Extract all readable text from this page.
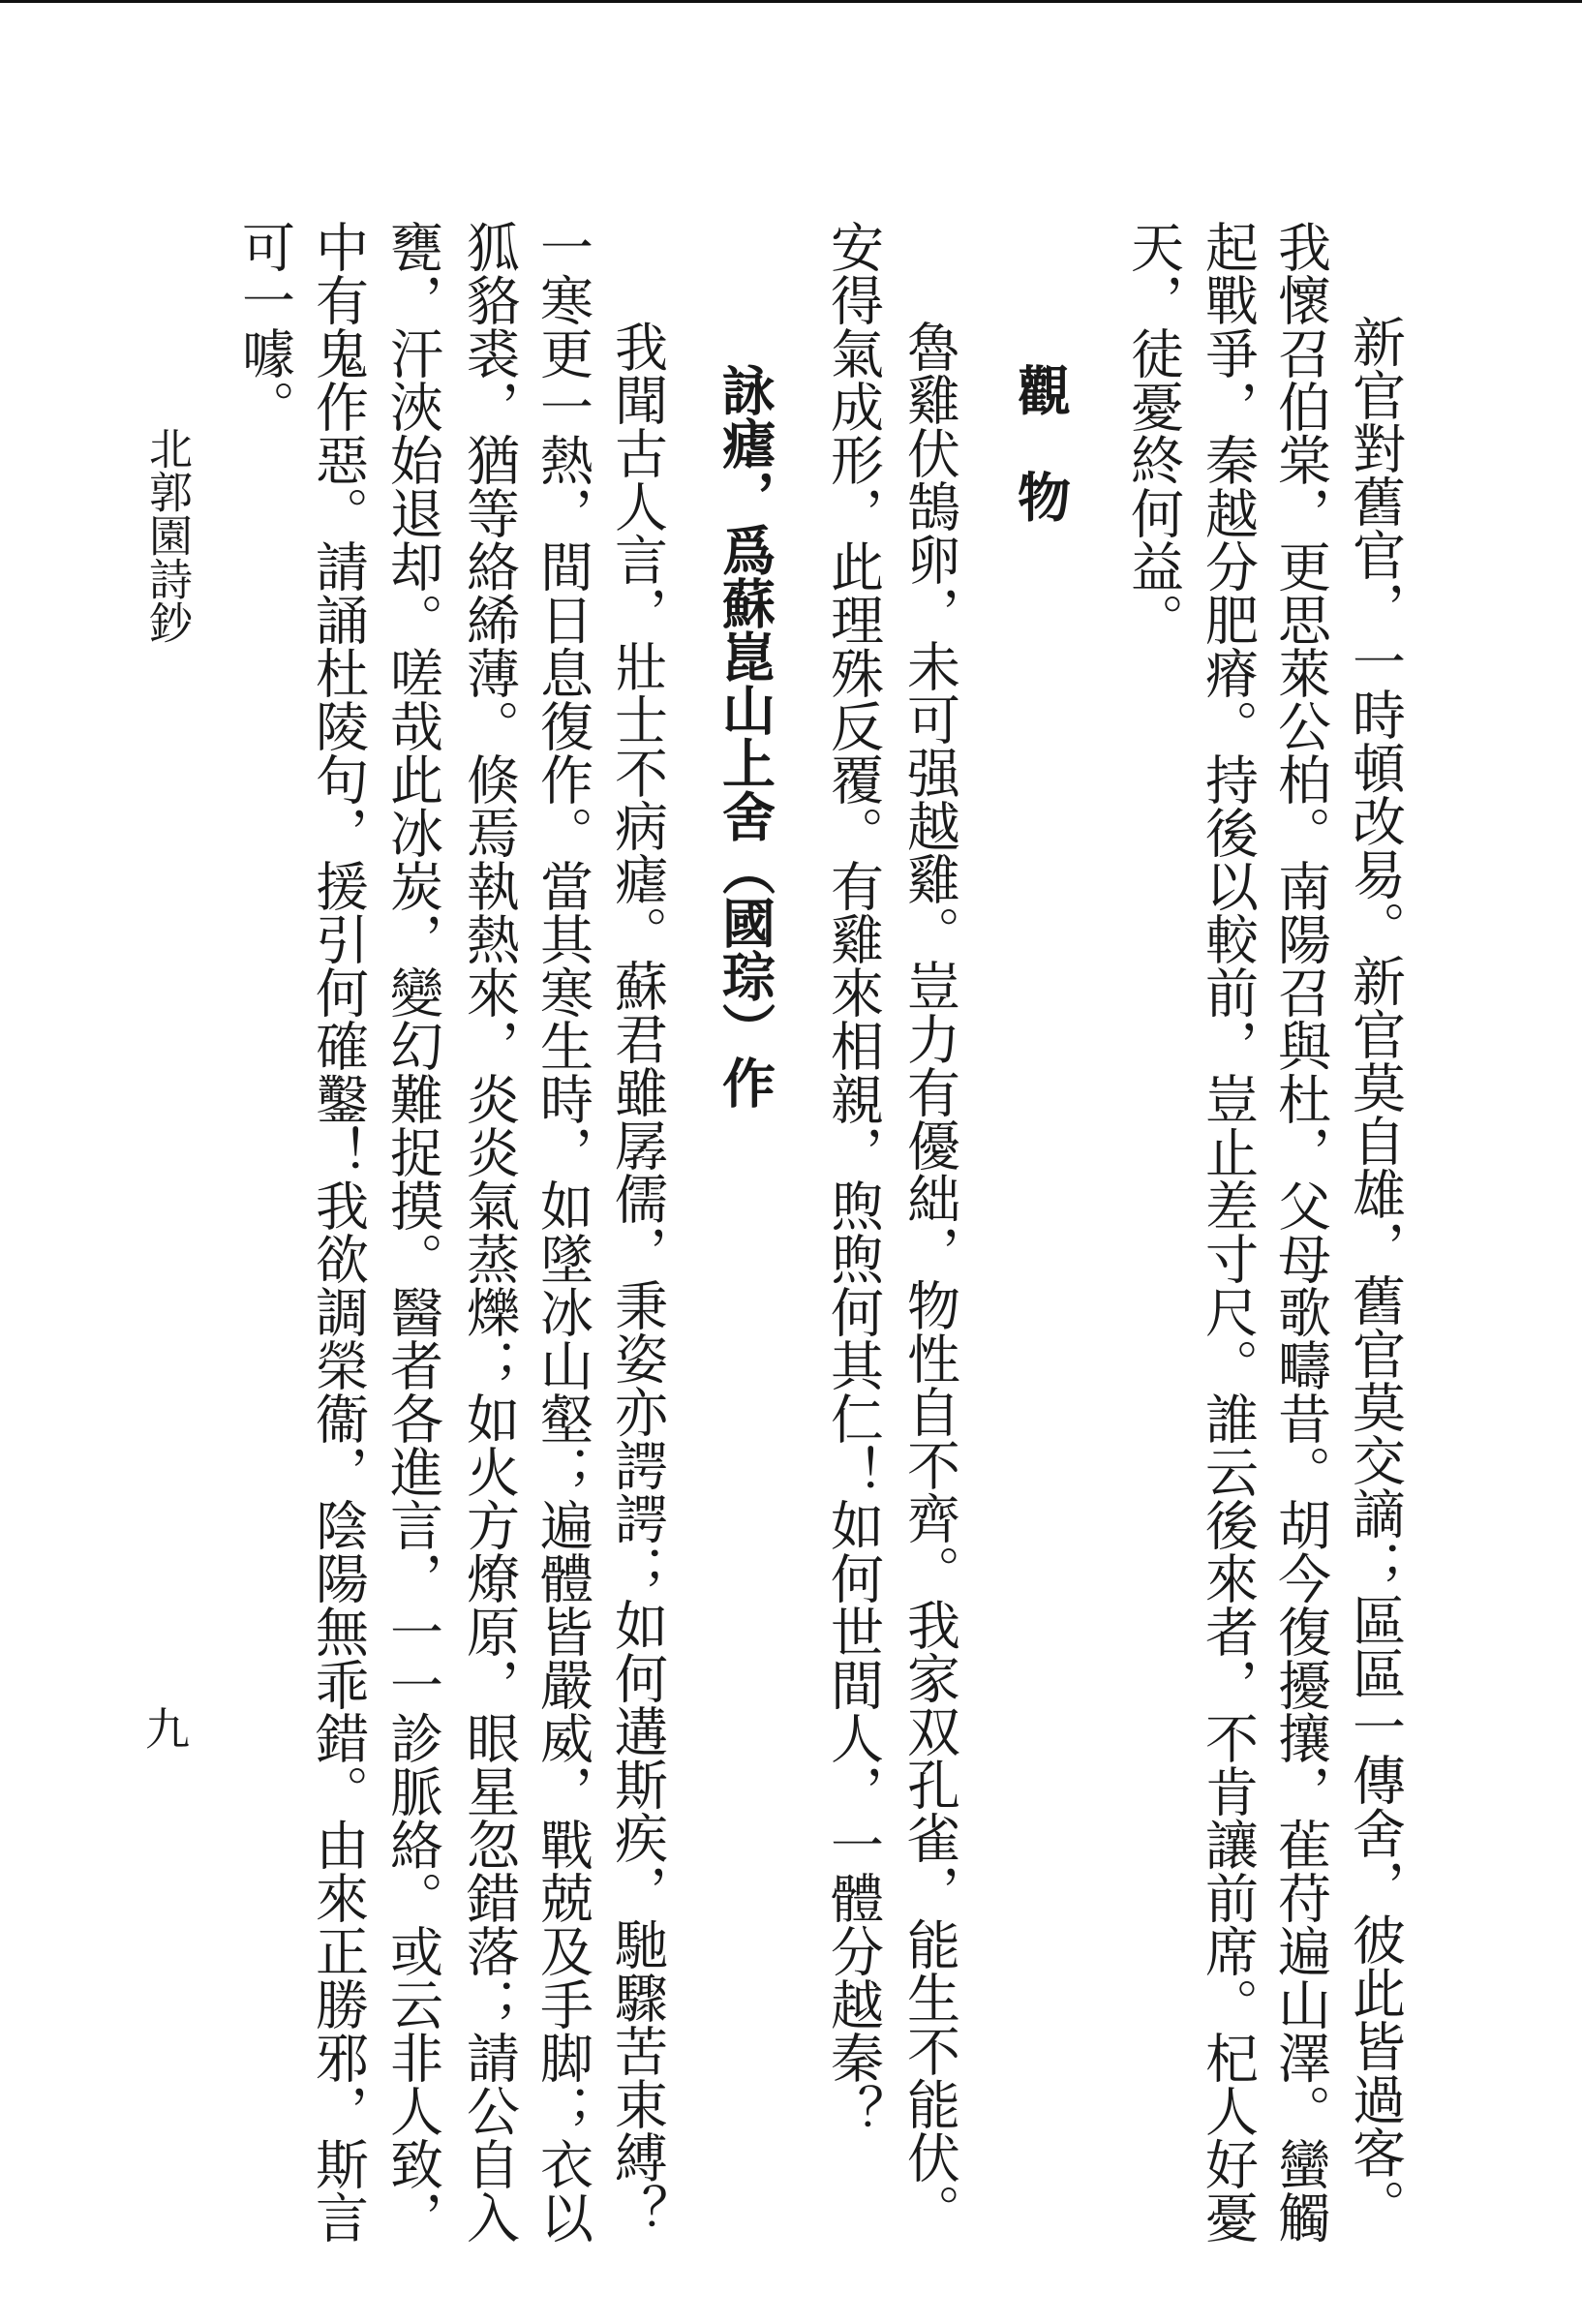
新官對舊官，一時頓改易。新官莫自雄，舊官莫交謫；區區一傳舍，彼此皆過客。
我懷召伯棠，更思萊公柏。南陽召與杜，父母歌疇昔。胡今復擾攘，雈苻遍山澤。蠻觸
起戰爭，秦越分肥瘠。持後以較前，豈止差寸尺。誰云後來者，不肯讓前席。杞人好憂
天，徒憂終何益。
觀　物
魯雞伏鵠卵，未可强越雞。豈力有優絀，物性自不齊。我家双孔雀，能生不能伏。
安得氣成形，此理殊反覆。有雞來相親，煦煦何其仁！如何世間人，一體分越秦？
詠瘧，爲蘇崑山上舍（國琮）作
我聞古人言，壯士不病瘧。蘇君雖孱儒，秉姿亦諤諤；如何遘斯疾，馳驟苦束縛？
一寒更一熱，間日息復作。當其寒生時，如墜冰山壑；遍體皆嚴威，戰兢及手脚；衣以
狐貉裘，猶等絡絺薄。倏焉執熱來，炎炎氣蒸爍；如火方燎原，眼星忽錯落；請公自入
甕，汗浹始退却。嗟哉此冰炭，變幻難捉摸。醫者各進言，一一診脈絡。或云非人致，
中有鬼作惡。請誦杜陵句，援引何確鑿！我欲調榮衞，陰陽無乖錯。由來正勝邪，斯言
可一噱。
北郭園詩鈔
九
